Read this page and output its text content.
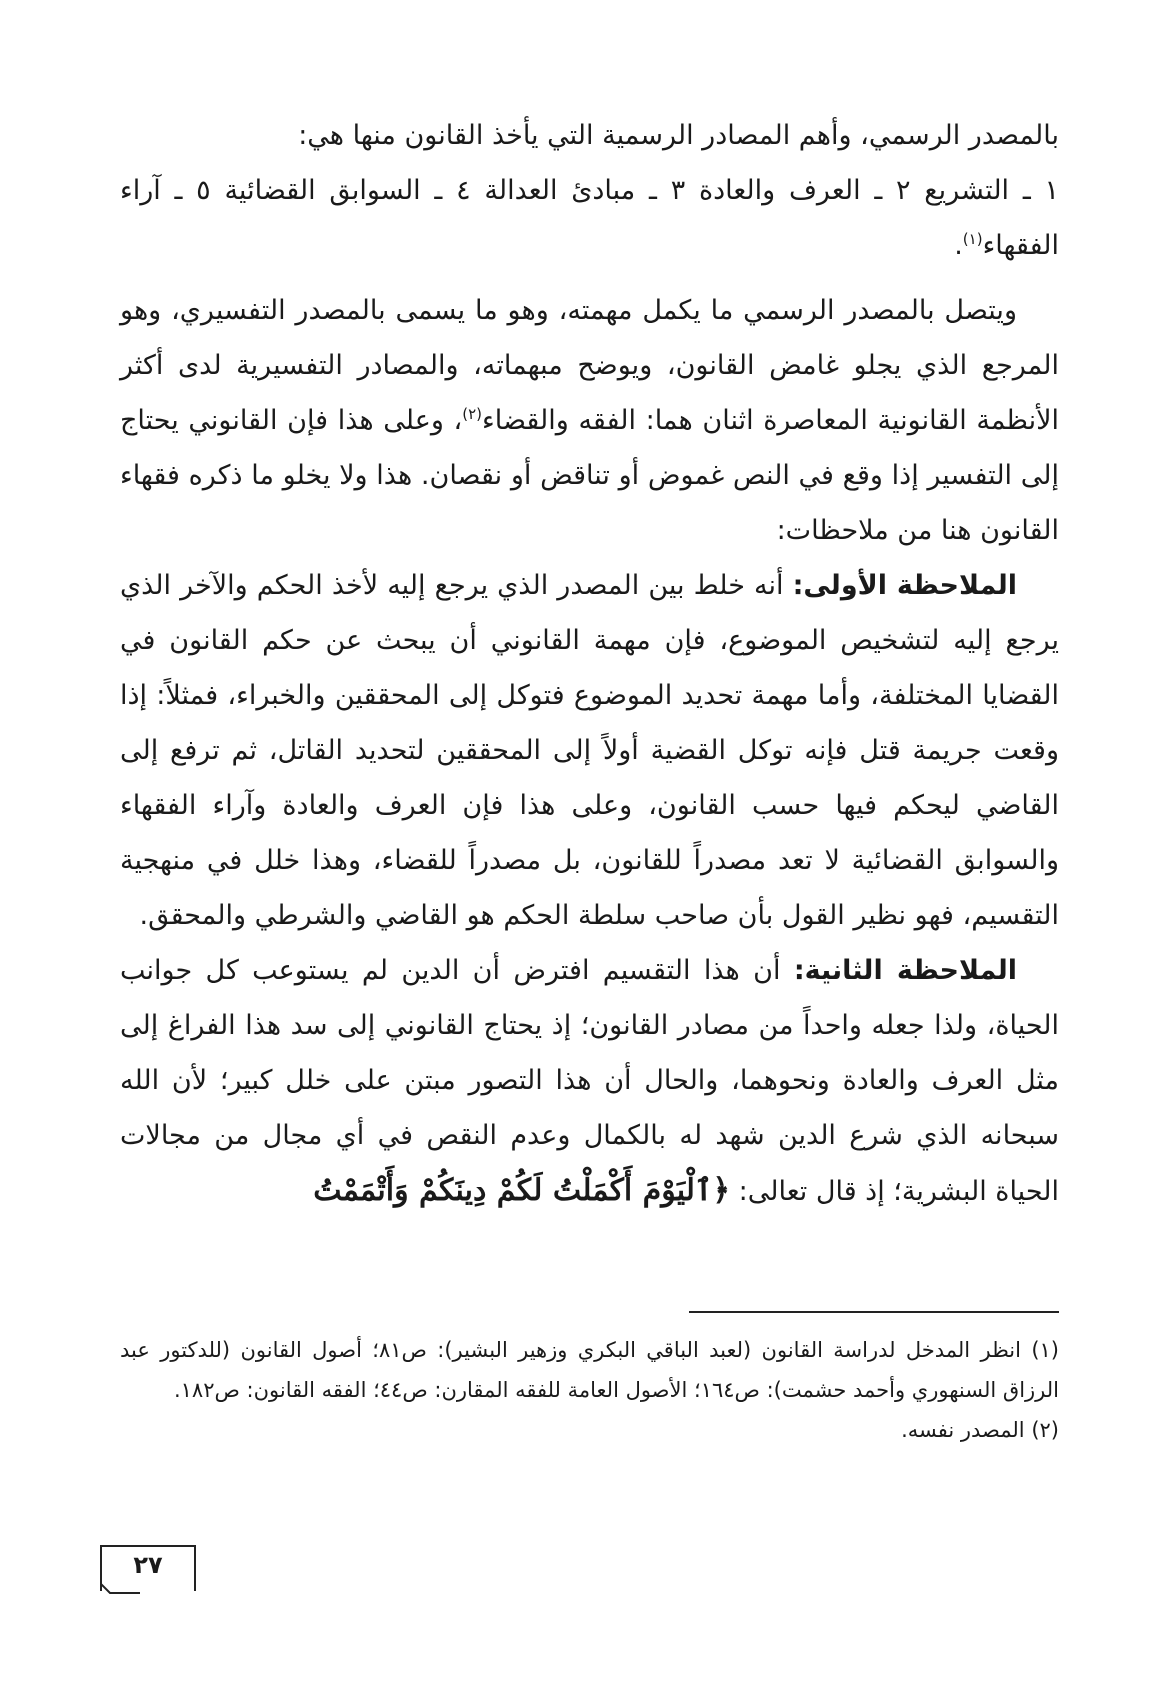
بالمصدر الرسمي، وأهم المصادر الرسمية التي يأخذ القانون منها هي:

١ ـ التشريع ٢ ـ العرف والعادة ٣ ـ مبادئ العدالة ٤ ـ السوابق القضائية ٥ ـ آراء الفقهاء$^{(١)}$.

ويتصل بالمصدر الرسمي ما يكمل مهمته، وهو ما يسمى بالمصدر التفسيري، وهو المرجع الذي يجلو غامض القانون، ويوضح مبهماته، والمصادر التفسيرية لدى أكثر الأنظمة القانونية المعاصرة اثنان هما: الفقه والقضاء$^{(٢)}$، وعلى هذا فإن القانوني يحتاج إلى التفسير إذا وقع في النص غموض أو تناقض أو نقصان. هذا ولا يخلو ما ذكره فقهاء القانون هنا من ملاحظات:

الملاحظة الأولى: أنه خلط بين المصدر الذي يرجع إليه لأخذ الحكم والآخر الذي يرجع إليه لتشخيص الموضوع، فإن مهمة القانوني أن يبحث عن حكم القانون في القضايا المختلفة، وأما مهمة تحديد الموضوع فتوكل إلى المحققين والخبراء، فمثلاً: إذا وقعت جريمة قتل فإنه توكل القضية أولاً إلى المحققين لتحديد القاتل، ثم ترفع إلى القاضي ليحكم فيها حسب القانون، وعلى هذا فإن العرف والعادة وآراء الفقهاء والسوابق القضائية لا تعد مصدراً للقانون، بل مصدراً للقضاء، وهذا خلل في منهجية التقسيم، فهو نظير القول بأن صاحب سلطة الحكم هو القاضي والشرطي والمحقق.

الملاحظة الثانية: أن هذا التقسيم افترض أن الدين لم يستوعب كل جوانب الحياة، ولذا جعله واحداً من مصادر القانون؛ إذ يحتاج القانوني إلى سد هذا الفراغ إلى مثل العرف والعادة ونحوهما، والحال أن هذا التصور مبتن على خلل كبير؛ لأن الله سبحانه الذي شرع الدين شهد له بالكمال وعدم النقص في أي مجال من مجالات الحياة البشرية؛ إذ قال تعالى: ﴿ٱلْيَوْمَ أَكْمَلْتُ لَكُمْ دِينَكُمْ وَأَتْمَمْتُ

(١) انظر المدخل لدراسة القانون (لعبد الباقي البكري وزهير البشير): ص٨١؛ أصول القانون (للدكتور عبد الرزاق السنهوري وأحمد حشمت): ص١٦٤؛ الأصول العامة للفقه المقارن: ص٤٤؛ الفقه القانون: ص١٨٢.

(٢) المصدر نفسه.

٢٧
